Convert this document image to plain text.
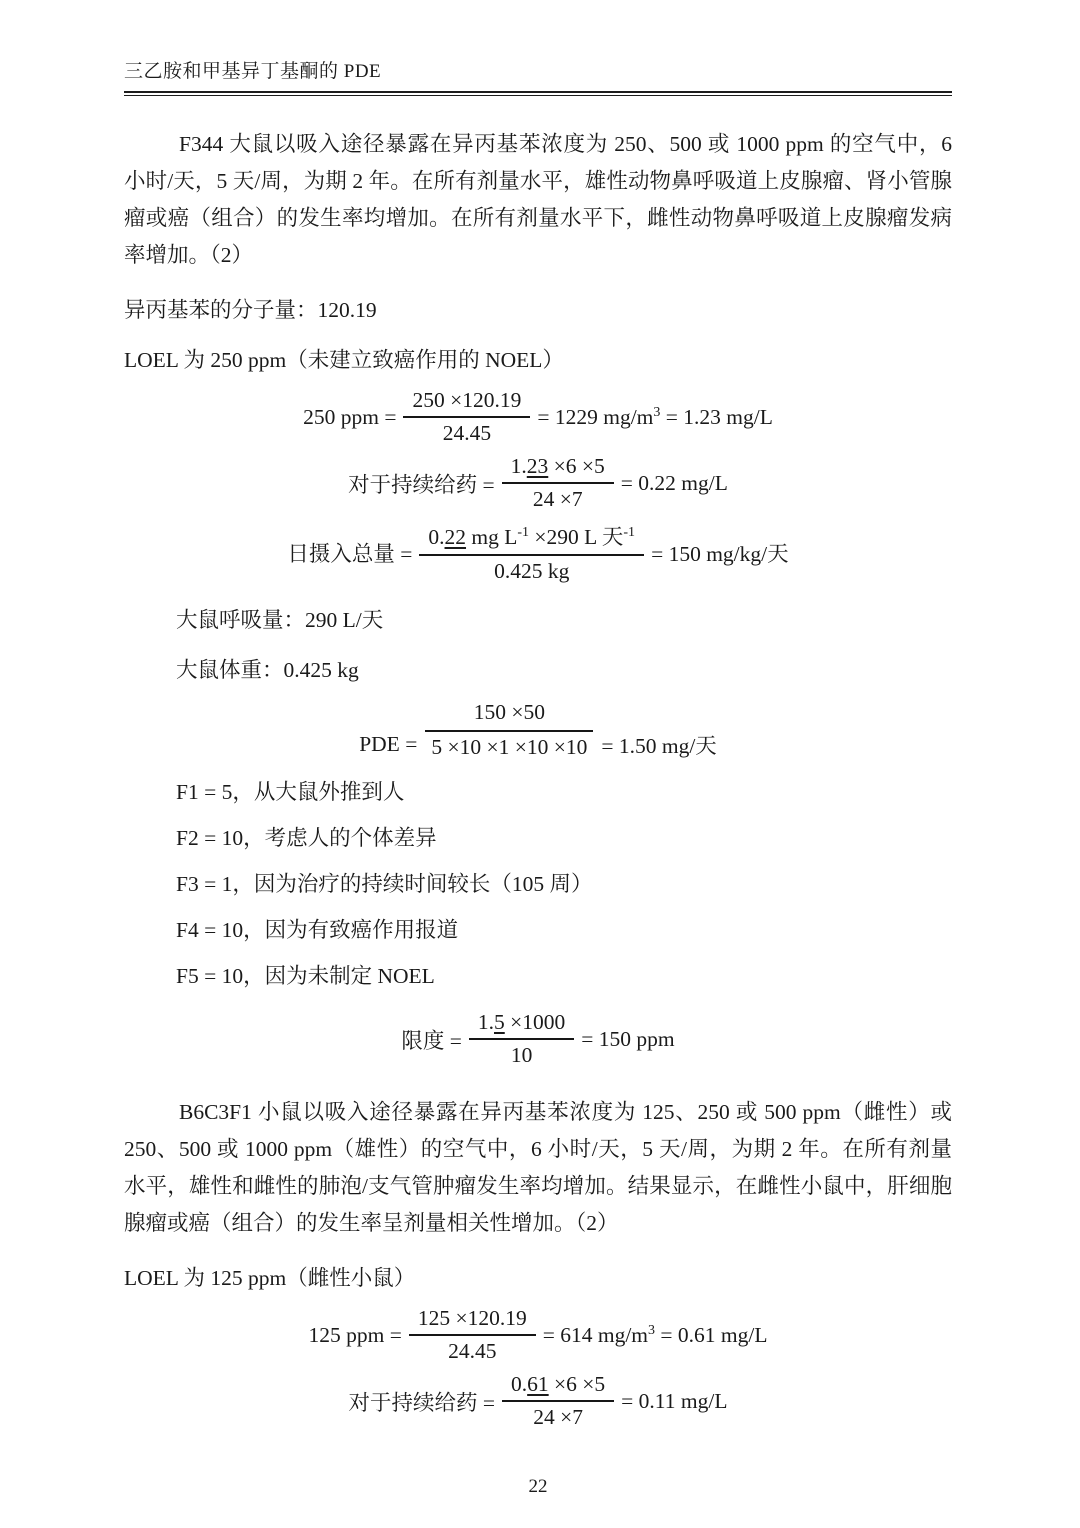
三乙胺和甲基异丁基酮的 PDE
F344 大鼠以吸入途径暴露在异丙基苯浓度为 250、500 或 1000 ppm 的空气中，6 小时/天，5 天/周，为期 2 年。在所有剂量水平，雄性动物鼻呼吸道上皮腺瘤、肾小管腺瘤或癌（组合）的发生率均增加。在所有剂量水平下，雌性动物鼻呼吸道上皮腺瘤发病率增加。（2）
异丙基苯的分子量：120.19
LOEL 为 250 ppm（未建立致癌作用的 NOEL）
250 ppm = $\frac{250 \times 120.19}{24.45} = 1229$ $mg/m^3 = 1.23$ mg/L
对于持续给药 = $\frac{1.23 \times 6 \times 5}{24 \times 7} = 0.22$ mg/L
日摄入总量 = $\frac{0.22 mg L^{-1} \times 290 L 天^{-1}}{0.425 kg} = 150$ mg/kg/天
大鼠呼吸量：290 L/天
大鼠体重：0.425 kg
150 ×50
PDE = 5 ×10 ×1 ×10 ×10 = 1.50 mg/天
F1 = 5，从大鼠外推到人
F2 = 10，考虑人的个体差异
F3 = 1，因为治疗的持续时间较长（105 周）
F4 = 10，因为有致癌作用报道
F5 = 10，因为未制定 NOEL
限度 = $\frac{1.5 \times 1000}{10} = 150$ ppm
B6C3F1 小鼠以吸入途径暴露在异丙基苯浓度为 125、250 或 500 ppm（雌性）或 250、500 或 1000 ppm（雄性）的空气中，6 小时/天，5 天/周，为期 2 年。在所有剂量水平，雄性和雌性的肺泡/支气管肿瘤发生率均增加。结果显示，在雌性小鼠中，肝细胞腺瘤或癌（组合）的发生率呈剂量相关性增加。（2）
LOEL 为 125 ppm（雌性小鼠）
125 ppm = $\frac{125 \times 120.19}{24.45} = 614$ $mg/m^3 = 0.61$ mg/L
对于持续给药 = $\frac{0.61 \times 6 \times 5}{24 \times 7} = 0.11$ mg/L
22
